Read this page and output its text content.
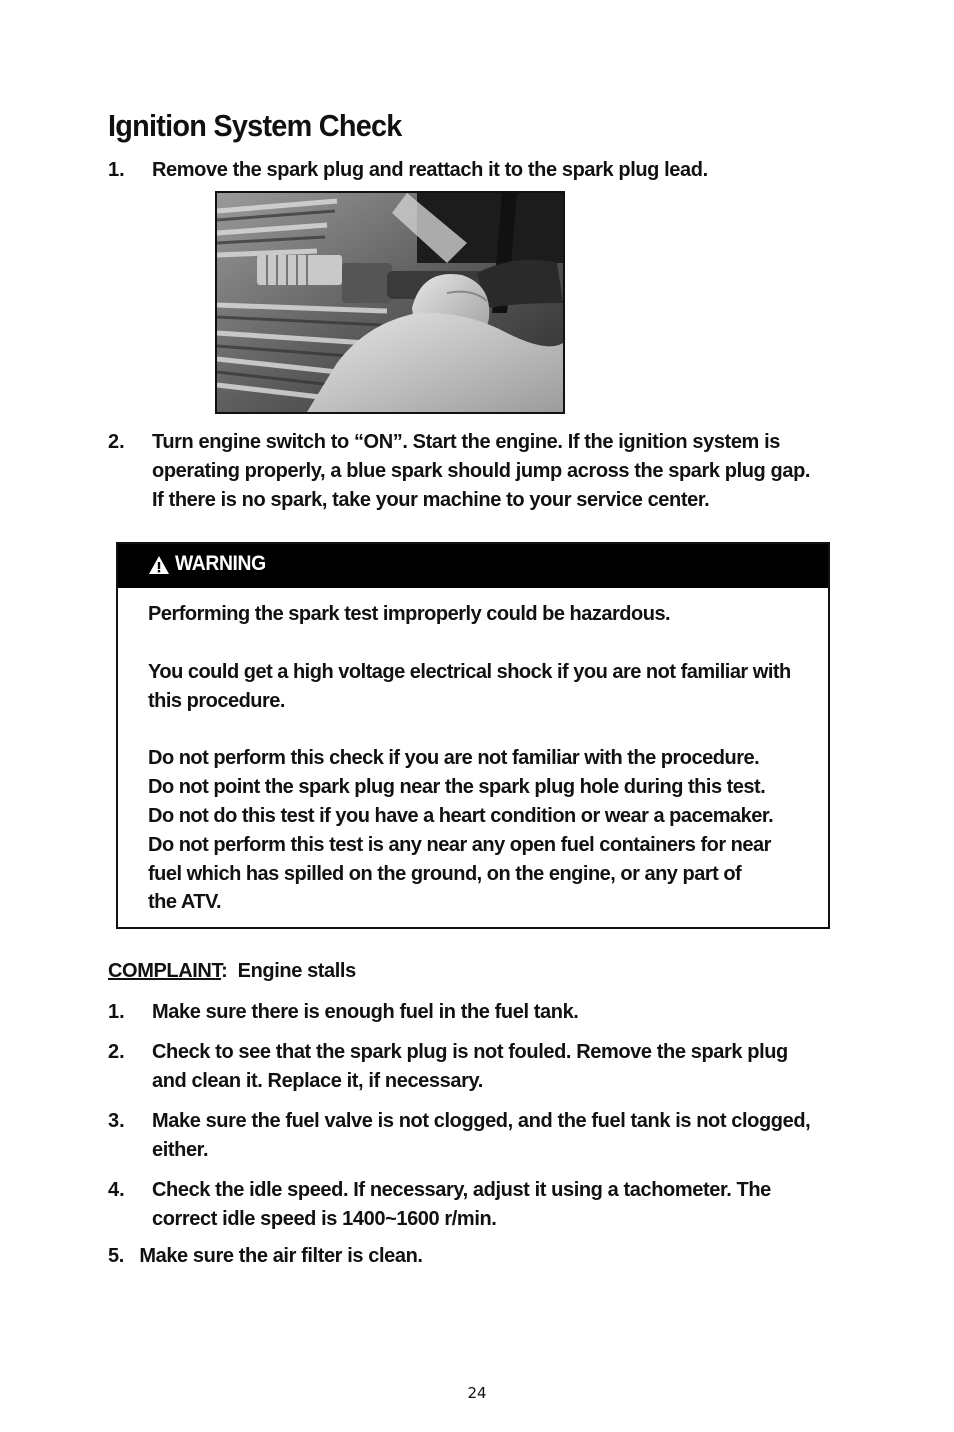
Ignition System Check
1. Remove the spark plug and reattach it to the spark plug lead.
2. Turn engine switch to “ON”. Start the engine. If the ignition system is
operating properly, a blue spark should jump across the spark plug gap.
If there is no spark, take your machine to your service center.
WARNING

Performing the spark test improperly could be hazardous.

You could get a high voltage electrical shock if you are not familiar with
this procedure.

Do not perform this check if you are not familiar with the procedure.
Do not point the spark plug near the spark plug hole during this test.
Do not do this test if you have a heart condition or wear a pacemaker.
Do not perform this test is any near any open fuel containers for near
fuel which has spilled on the ground, on the engine, or any part of
the ATV.

COMPLAINT:  Engine stalls
1. Make sure there is enough fuel in the fuel tank.
2. Check to see that the spark plug is not fouled. Remove the spark plug
and clean it. Replace it, if necessary.
3. Make sure the fuel valve is not clogged, and the fuel tank is not clogged,
either.
4. Check the idle speed. If necessary, adjust it using a tachometer. The
correct idle speed is 1400~1600 r/min.
5.   Make sure the air filter is clean.
24
